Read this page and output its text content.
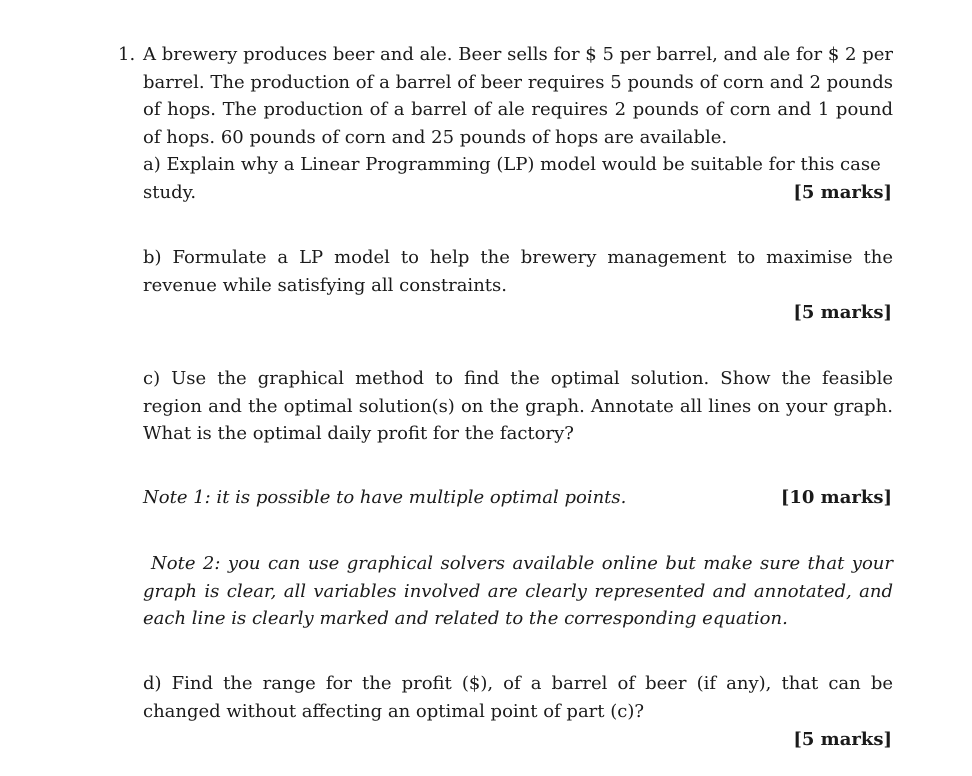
1. A brewery produces beer and ale. Beer sells for $ 5 per barrel, and ale for $ 2 per barrel. The production of a barrel of beer requires 5 pounds of corn and 2 pounds of hops. The production of a barrel of ale requires 2 pounds of corn and 1 pound of hops. 60 pounds of corn and 25 pounds of hops are available.
a) Explain why a Linear Programming (LP) model would be suitable for this case study.	[5 marks]
b) Formulate a LP model to help the brewery management to maximise the revenue while satisfying all constraints.
[5 marks]
c) Use the graphical method to find the optimal solution. Show the feasible region and the optimal solution(s) on the graph. Annotate all lines on your graph. What is the optimal daily profit for the factory?
Note 1: it is possible to have multiple optimal points.	[10 marks]
Note 2: you can use graphical solvers available online but make sure that your graph is clear, all variables involved are clearly represented and annotated, and each line is clearly marked and related to the corresponding equation.
d) Find the range for the profit ($), of a barrel of beer (if any), that can be changed without affecting an optimal point of part (c)?
[5 marks]
